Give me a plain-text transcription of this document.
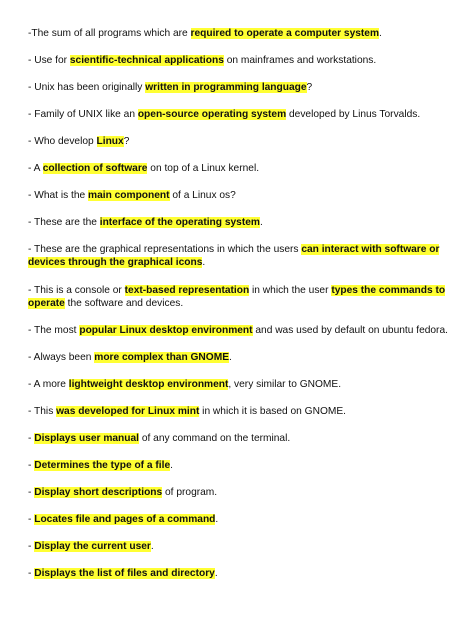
-The sum of all programs which are required to operate a computer system.

- Use for scientific-technical applications on mainframes and workstations.

- Unix has been originally written in programming language?

- Family of UNIX like an open-source operating system developed by Linus Torvalds.

- Who develop Linux?

- A collection of software on top of a Linux kernel.

- What is the main component of a Linux os?

- These are the interface of the operating system.

- These are the graphical representations in which the users can interact with software or devices through the graphical icons.

- This is a console or text-based representation in which the user types the commands to operate the software and devices.

- The most popular Linux desktop environment and was used by default on ubuntu fedora.

- Always been more complex than GNOME.

- A more lightweight desktop environment, very similar to GNOME.

- This was developed for Linux mint in which it is based on GNOME.

- Displays user manual of any command on the terminal.

- Determines the type of a file.

- Display short descriptions of program.

- Locates file and pages of a command.

- Display the current user.

- Displays the list of files and directory.
